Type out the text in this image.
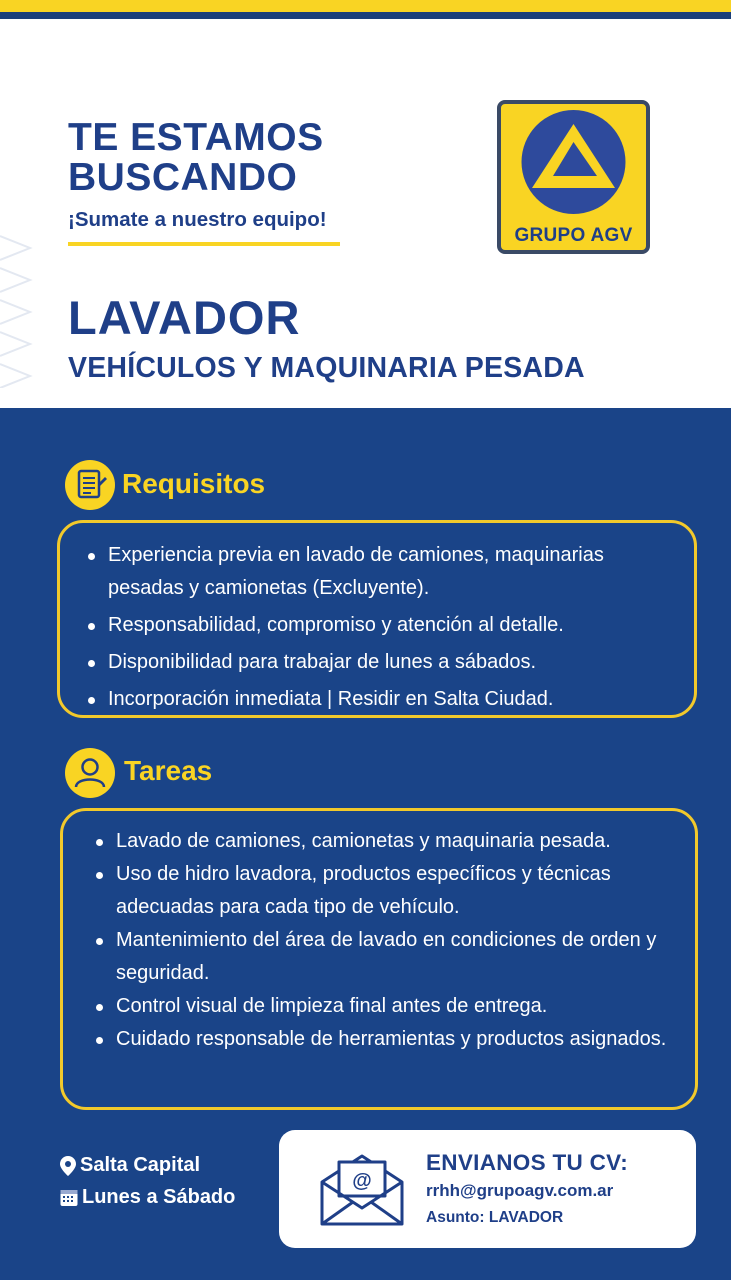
TE ESTAMOS
BUSCANDO
¡Sumate a nuestro equipo!
GRUPO AGV
LAVADOR
VEHÍCULOS Y MAQUINARIA PESADA
Requisitos
Experiencia previa en lavado de camiones, maquinarias pesadas y camionetas (Excluyente).
Responsabilidad, compromiso y atención al detalle.
Disponibilidad para trabajar de lunes a sábados.
Incorporación inmediata | Residir en Salta Ciudad.
Tareas
Lavado de camiones, camionetas y maquinaria pesada.
Uso de hidro lavadora, productos específicos y técnicas adecuadas para cada tipo de vehículo.
Mantenimiento del área de lavado en condiciones de orden y seguridad.
Control visual de limpieza final antes de entrega.
Cuidado responsable de herramientas y productos asignados.
Salta Capital
Lunes a Sábado
@
ENVIANOS TU CV:
rrhh@grupoagv.com.ar
Asunto: LAVADOR
